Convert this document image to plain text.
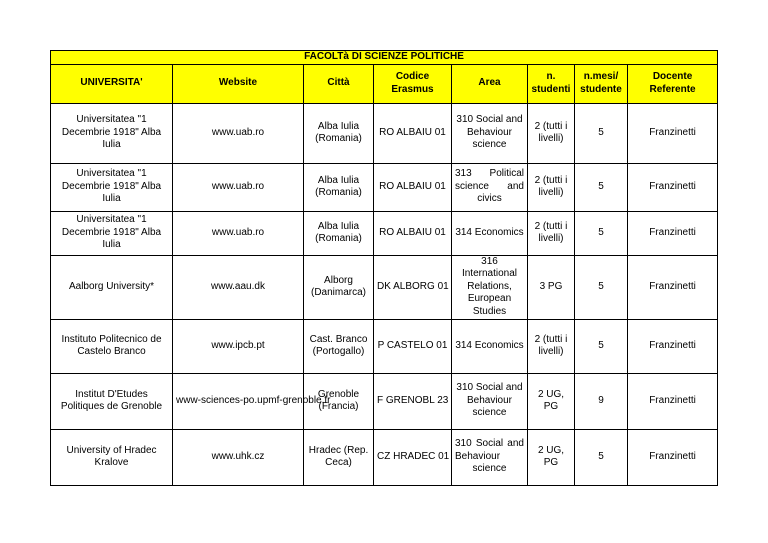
FACOLTà DI SCIENZE POLITICHE							
UNIVERSITA'	Website	Città	Codice Erasmus	Area	n. studenti	n.mesi/ studente	Docente Referente
Universitatea "1 Decembrie 1918" Alba Iulia	www.uab.ro	Alba Iulia (Romania)	RO ALBAIU 01	310 Social and Behaviour science	2 (tutti i livelli)	5	Franzinetti
Universitatea "1 Decembrie 1918" Alba Iulia	www.uab.ro	Alba Iulia (Romania)	RO ALBAIU 01	313 Political science and civics	2 (tutti i livelli)	5	Franzinetti
Universitatea "1 Decembrie 1918" Alba Iulia	www.uab.ro	Alba Iulia (Romania)	RO ALBAIU 01	314 Economics	2 (tutti i livelli)	5	Franzinetti
Aalborg University*	www.aau.dk	Alborg (Danimarca)	DK ALBORG 01	316 International Relations, European Studies	3 PG	5	Franzinetti
Instituto Politecnico de Castelo Branco	www.ipcb.pt	Cast. Branco (Portogallo)	P CASTELO 01	314 Economics	2 (tutti i livelli)	5	Franzinetti
Institut D'Etudes Politiques de Grenoble	www-sciences-po.upmf-grenoble.fr	Grenoble (Francia)	F GRENOBL 23	310 Social and Behaviour science	2 UG, PG	9	Franzinetti
University of Hradec Kralove	www.uhk.cz	Hradec (Rep. Ceca)	CZ HRADEC 01	310 Social and Behaviour science	2 UG, PG	5	Franzinetti
